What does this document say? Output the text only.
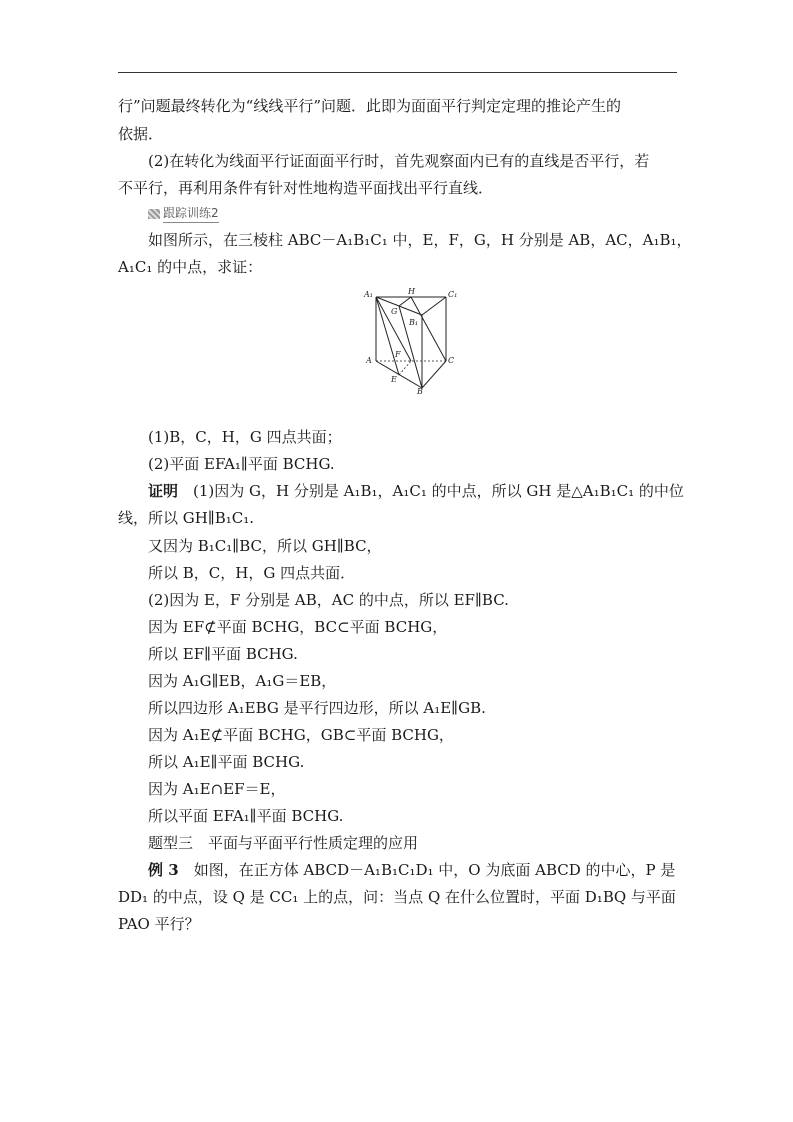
行”问题最终转化为“线线平行”问题．此即为面面平行判定定理的推论产生的
依据．
(2)在转化为线面平行证面面平行时，首先观察面内已有的直线是否平行，若
不平行，再利用条件有针对性地构造平面找出平行直线．
跟踪训练2
如图所示，在三棱柱 ABC－A₁B₁C₁ 中，E，F，G，H 分别是 AB，AC，A₁B₁，
A₁C₁ 的中点，求证：
A₁	H	C₁
G
B₁
A
F
C
E
B
(1)B，C，H，G 四点共面；
(2)平面 EFA₁∥平面 BCHG.
证明　 (1)因为 G，H 分别是 A₁B₁，A₁C₁ 的中点，所以 GH 是△A₁B₁C₁ 的中位
线，所以 GH∥B₁C₁.
又因为 B₁C₁∥BC，所以 GH∥BC，
所以 B，C，H，G 四点共面．
(2)因为 E，F 分别是 AB，AC 的中点，所以 EF∥BC.
因为 EF⊄平面 BCHG，BC⊂平面 BCHG，
所以 EF∥平面 BCHG.
因为 A₁G∥EB，A₁G＝EB，
所以四边形 A₁EBG 是平行四边形，所以 A₁E∥GB.
因为 A₁E⊄平面 BCHG，GB⊂平面 BCHG，
所以 A₁E∥平面 BCHG.
因为 A₁E∩EF＝E，
所以平面 EFA₁∥平面 BCHG.
题型三　平面与平面平行性质定理的应用
例 3　 如图，在正方体 ABCD－A₁B₁C₁D₁ 中，O 为底面 ABCD 的中心，P 是
DD₁ 的中点，设 Q 是 CC₁ 上的点，问：当点 Q 在什么位置时，平面 D₁BQ 与平面
PAO 平行？
